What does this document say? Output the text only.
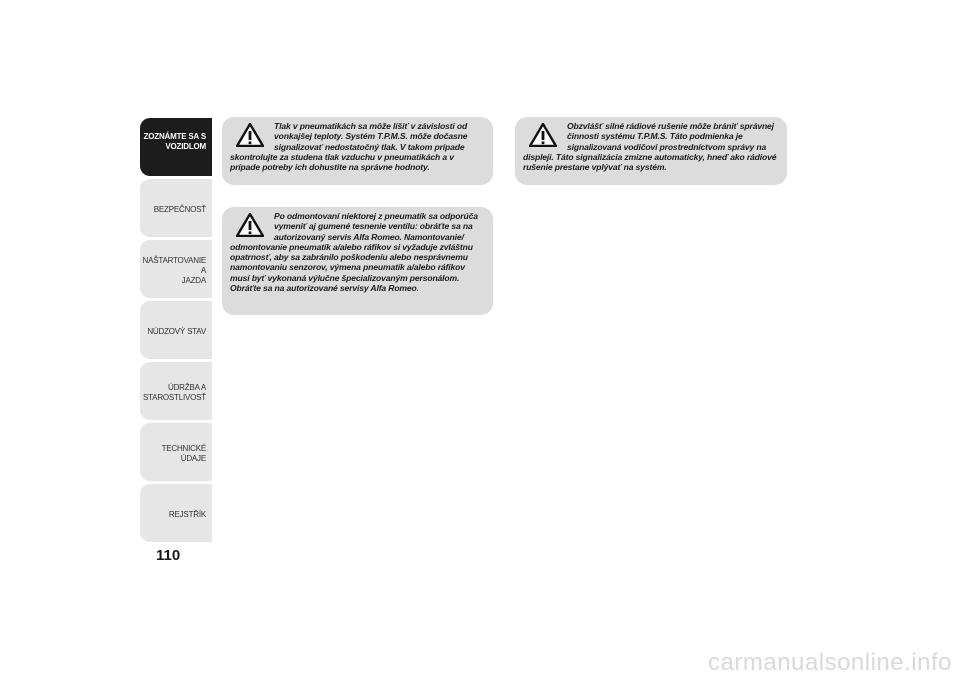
ZOZNÁMTE SA S
VOZIDLOM
BEZPEČNOSŤ
NAŠTARTOVANIE A
JAZDA
NÚDZOVÝ STAV
ÚDRŽBA A
STAROSTLIVOSŤ
TECHNICKÉ ÚDAJE
REJSTŘÍK
110
Tlak v pneumatikách sa môže líšiť v závislosti od vonkajšej teploty. Systém T.P.M.S. môže dočasne signalizovať nedostatočný tlak. V takom prípade skontrolujte za studena tlak vzduchu v pneumatikách a v prípade potreby ich dohustite na správne hodnoty.
Po odmontovaní niektorej z pneumatík sa odporúča vymeniť aj gumené tesnenie ventilu: obráťte sa na autorizovaný servis Alfa Romeo. Namontovanie/ odmontovanie pneumatík a/alebo ráfikov si vyžaduje zvláštnu opatrnosť, aby sa zabránilo poškodeniu alebo nesprávnemu namontovaniu senzorov, výmena pneumatík a/alebo ráfikov musí byť vykonaná výlučne špecializovaným personálom. Obráťte sa na autorizované servisy Alfa Romeo.
Obzvlášť silné rádiové rušenie môže brániť správnej činnosti systému T.P.M.S. Táto podmienka je signalizovaná vodičovi prostredníctvom správy na displeji. Táto signalizácia zmizne automaticky, hneď ako rádiové rušenie prestane vplývať na systém.
carmanualsonline.info
